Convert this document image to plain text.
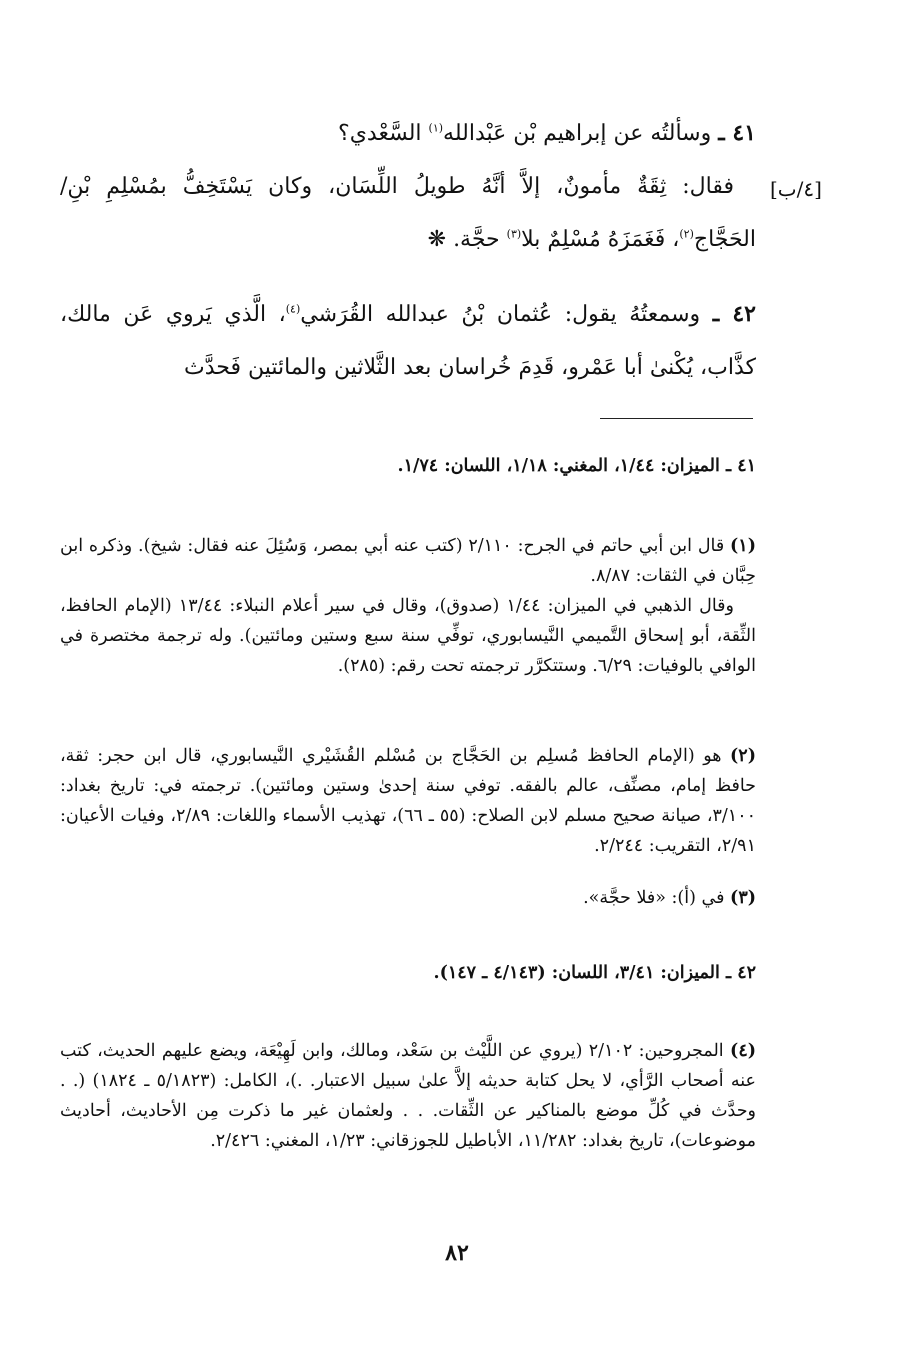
[٤/ب]

٤١ ـ وسألتُه عن إبراهيم بْن عَبْدالله$^{(١)}$ السَّعْدي؟

فقال: ثِقَةٌ مأمونٌ، إلاَّ أنَّهُ طويلُ اللِّسَان، وكان يَسْتَخِفُّ بمُسْلِمِ بْنِ/ الحَجَّاج$^{(٢)}$، فَغَمَزَهُ مُسْلِمٌ بلا$^{(٣)}$ حجَّة. ❋

٤٢ ـ وسمعتُهُ يقول: عُثمان بْنُ عبدالله القُرَشي$^{(٤)}$، الَّذي يَروي عَن مالك، كذَّاب، يُكْنىٰ أبا عَمْرو، قَدِمَ خُراسان بعد الثَّلاثين والمائتين فَحدَّث

٤١ ـ الميزان: ١/٤٤، المغني: ١/١٨، اللسان: ١/٧٤.

(١) قال ابن أبي حاتم في الجرح: ٢/١١٠ (كتب عنه أبي بمصر، وَسُئِلَ عنه فقال: شيخ). وذكره ابن حِبَّان في الثقات: ٨/٨٧.

وقال الذهبي في الميزان: ١/٤٤ (صدوق)، وقال في سير أعلام النبلاء: ١٣/٤٤ (الإمام الحافظ، الثِّقة، أبو إسحاق التَّميمي النَّيسابوري، توفِّي سنة سبع وستين ومائتين). وله ترجمة مختصرة في الوافي بالوفيات: ٦/٢٩. وستتكرَّر ترجمته تحت رقم: (٢٨٥).

(٢) هو (الإمام الحافظ مُسلِم بن الحَجَّاج بن مُسْلم القُشَيْري النَّيسابوري، قال ابن حجر: ثقة، حافظ إمام، مصنِّف، عالم بالفقه. توفي سنة إحدىٰ وستين ومائتين). ترجمته في: تاريخ بغداد: ٣/١٠٠، صيانة صحيح مسلم لابن الصلاح: (٥٥ ـ ٦٦)، تهذيب الأسماء واللغات: ٢/٨٩، وفيات الأعيان: ٢/٩١، التقريب: ٢/٢٤٤.

(٣) في (أ): «فلا حجَّة».

٤٢ ـ الميزان: ٣/٤١، اللسان: (٤/١٤٣ ـ ١٤٧).

(٤) المجروحين: ٢/١٠٢ (يروي عن اللَّيْث بن سَعْد، ومالك، وابن لَهِيْعَة، ويضع عليهم الحديث، كتب عنه أصحاب الرَّأي، لا يحل كتابة حديثه إلاَّ علىٰ سبيل الاعتبار. .)، الكامل: (٥/١٨٢٣ ـ ١٨٢٤) (. . وحدَّث في كُلِّ موضع بالمناكير عن الثِّقات. . . ولعثمان غير ما ذكرت مِن الأحاديث، أحاديث موضوعات)، تاريخ بغداد: ١١/٢٨٢، الأباطيل للجوزقاني: ١/٢٣، المغني: ٢/٤٢٦.

٨٢
